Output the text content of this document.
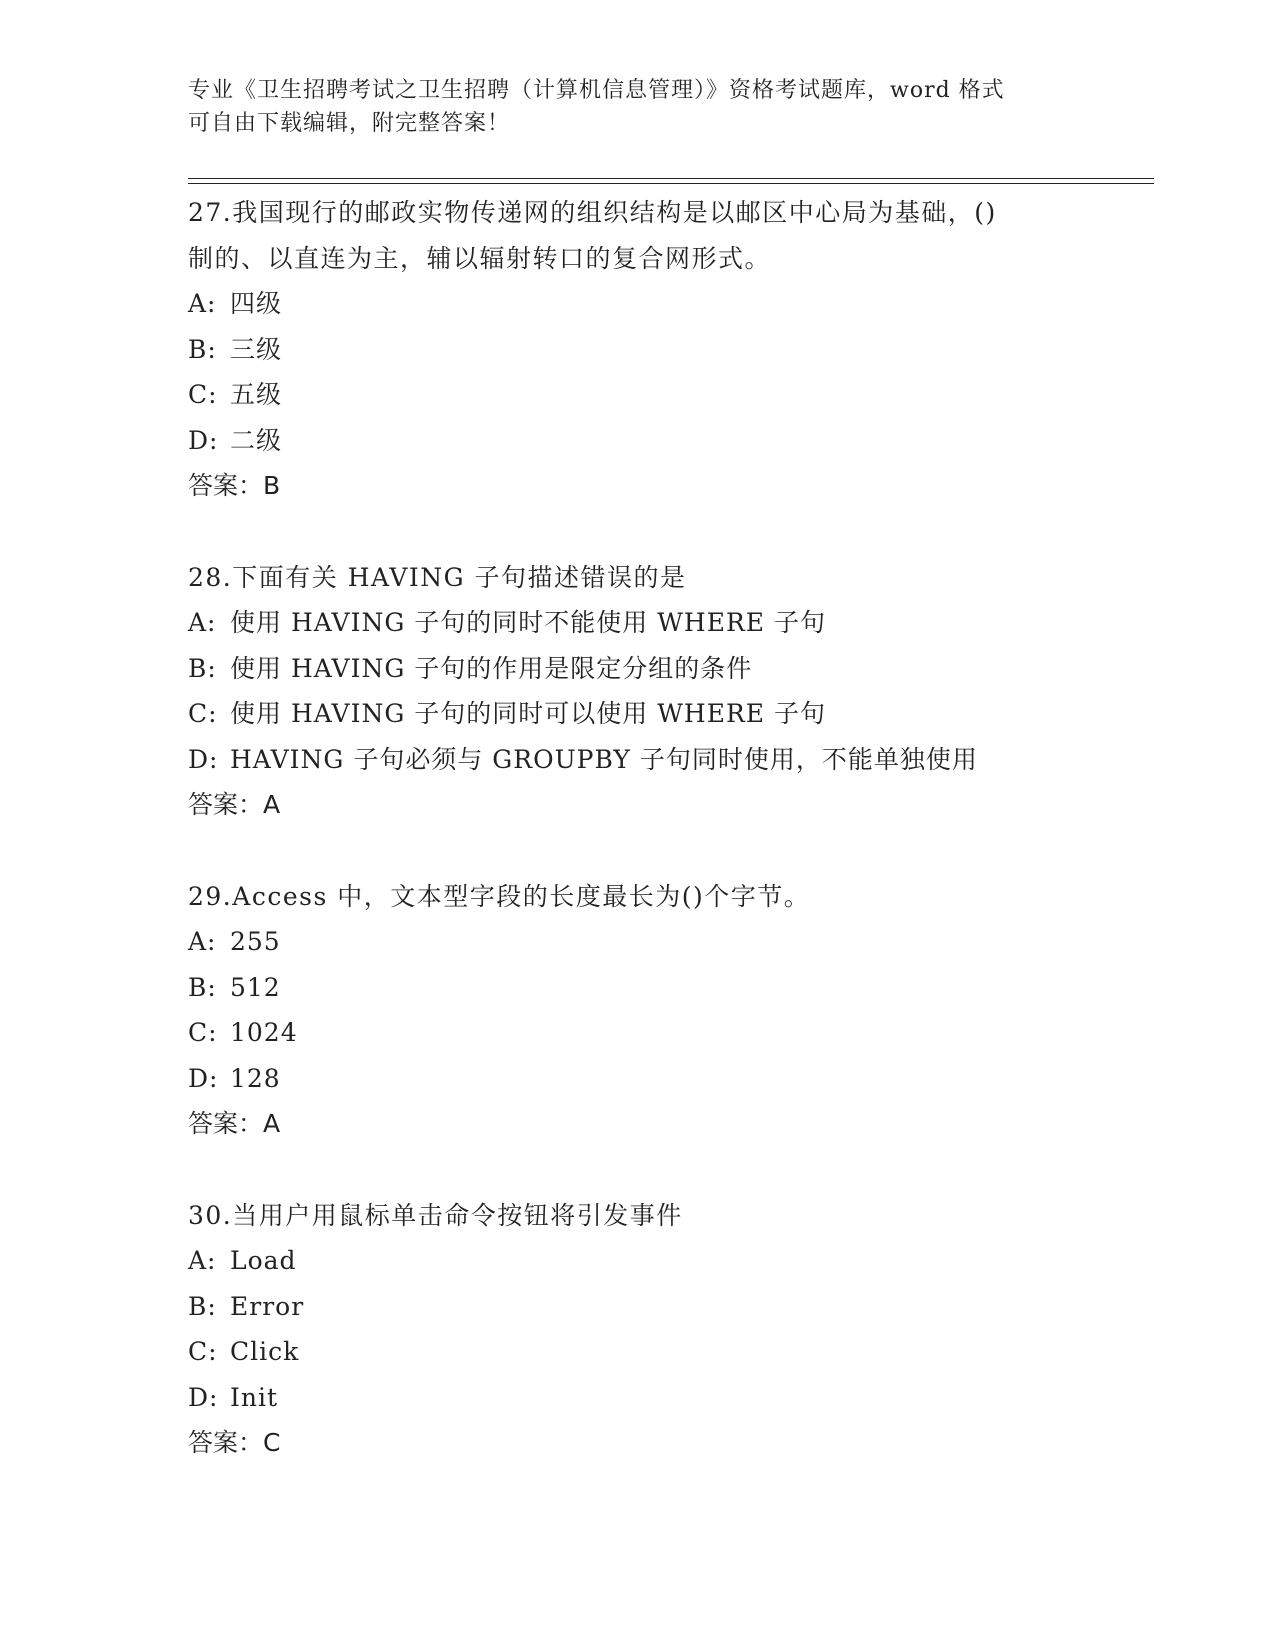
专业《卫生招聘考试之卫生招聘（计算机信息管理）》资格考试题库，word 格式
可自由下载编辑，附完整答案！
27.我国现行的邮政实物传递网的组织结构是以邮区中心局为基础，()
制的、以直连为主，辅以辐射转口的复合网形式。
A: 四级
B: 三级
C: 五级
D: 二级
答案：B
28.下面有关 HAVING 子句描述错误的是
A: 使用 HAVING 子句的同时不能使用 WHERE 子句
B: 使用 HAVING 子句的作用是限定分组的条件
C: 使用 HAVING 子句的同时可以使用 WHERE 子句
D: HAVING 子句必须与 GROUPBY 子句同时使用，不能单独使用
答案：A
29.Access 中，文本型字段的长度最长为()个字节。
A: 255
B: 512
C: 1024
D: 128
答案：A
30.当用户用鼠标单击命令按钮将引发事件
A: Load
B: Error
C: Click
D: Init
答案：C
